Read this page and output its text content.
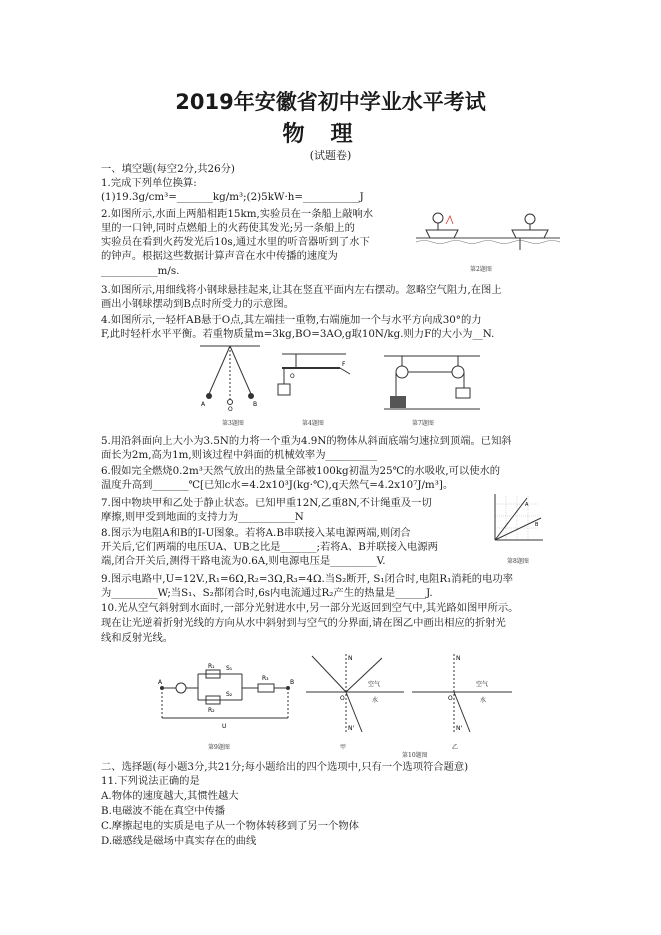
2019年安徽省初中学业水平考试
物理
(试题卷)
一、填空题(每空2分,共26分)
1.完成下列单位换算:
(1)19.3g/cm³=_______kg/m³;(2)5kW·h=___________J
2.如图所示,水面上两船相距15km,实验员在一条船上敲响水
里的一口钟,同时点燃船上的火药使其发光;另一条船上的
实验员在看到火药发光后10s,通过水里的听音器听到了水下
的钟声。根据这些数据计算声音在水中传播的速度为
___________m/s.
3.如图所示,用细线将小钢球悬挂起来,让其在竖直平面内左右摆动。忽略空气阻力,在图上
画出小钢球摆动到B点时所受力的示意图。
4.如图所示,一轻杆AB悬于O点,其左端挂一重物,右端施加一个与水平方向成30°的力
F,此时轻杆水平平衡。若重物质量m=3kg,BO=3AO,g取10N/kg.则力F的大小为__N.
5.用沿斜面向上大小为3.5N的力将一个重为4.9N的物体从斜面底端匀速拉到顶端。已知斜
面长为2m,高为1m,则该过程中斜面的机械效率为__________
6.假如完全燃烧0.2m³天然气放出的热量全部被100kg初温为25℃的水吸收,可以使水的
温度升高到_______℃[已知c水=4.2x10³J(kg·℃),q天然气=4.2x10⁷J/m³]。
7.图中物块甲和乙处于静止状态。已知甲重12N,乙重8N,不计绳重及一切
摩擦,则甲受到地面的支持力为___________N
8.图示为电阻A和B的I-U图象。若将A.B串联接入某电源两端,则闭合
开关后,它们两端的电压UA、UB之比是_______;若将A、B并联接入电源两
端,闭合开关后,测得干路电流为0.6A,则电源电压是_________V.
9.图示电路中,U=12V.,R₁=6Ω,R₂=3Ω,R₃=4Ω.当S₂断开, S₁闭合时,电阻R₁消耗的电功率
为_________W;当S₁、S₂都闭合时,6s内电流通过R₂产生的热量是______J.
10.光从空气斜射到水面时,一部分光射进水中,另一部分光返回到空气中,其光路如图甲所示。
现在让光逆着折射光线的方向从水中斜射到与空气的分界面,请在图乙中画出相应的折射光
线和反射光线。
二、选择题(每小题3分,共21分;每小题给出的四个选项中,只有一个选项符合题意)
11.下列说法正确的是
A.物体的速度越大,其惯性越大
B.电磁波不能在真空中传播
C.摩擦起电的实质是电子从一个物体转移到了另一个物体
D.磁感线是磁场中真实存在的曲线
第2题图
A	B
O
第3题图
O
F
第4题图	第7题图
A
B
第8题图
A	B
R₁
R₂
R₃
S₁
S₂
U
第9题图
N
N'
O
空气
水
甲
N
N'
O
空气
水
乙
第10题图
